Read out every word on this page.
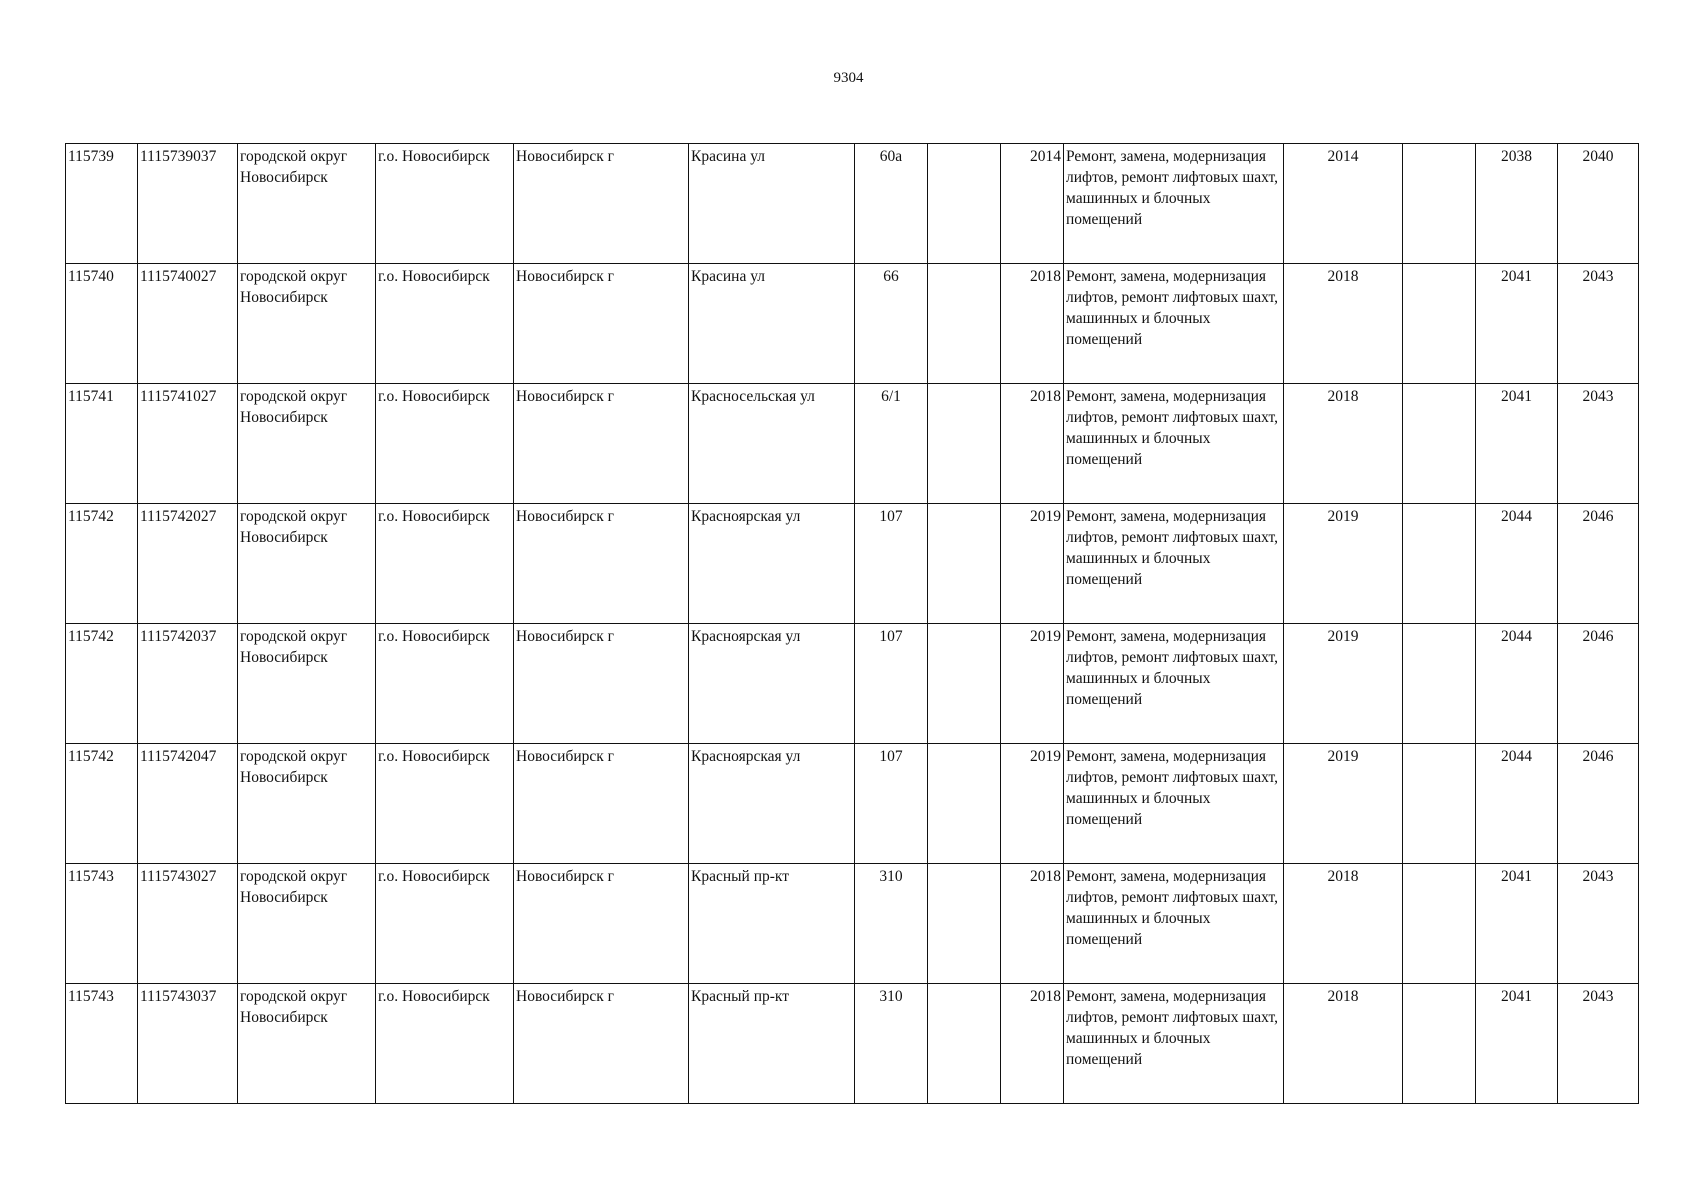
9304
115739	1115739037	городской округ Новосибирск	г.о. Новосибирск	Новосибирск г	Красина ул	60а		2014	Ремонт, замена, модернизация лифтов, ремонт лифтовых шахт, машинных и блочных помещений	2014		2038	2040
115740	1115740027	городской округ Новосибирск	г.о. Новосибирск	Новосибирск г	Красина ул	66		2018	Ремонт, замена, модернизация лифтов, ремонт лифтовых шахт, машинных и блочных помещений	2018		2041	2043
115741	1115741027	городской округ Новосибирск	г.о. Новосибирск	Новосибирск г	Красносельская ул	6/1		2018	Ремонт, замена, модернизация лифтов, ремонт лифтовых шахт, машинных и блочных помещений	2018		2041	2043
115742	1115742027	городской округ Новосибирск	г.о. Новосибирск	Новосибирск г	Красноярская ул	107		2019	Ремонт, замена, модернизация лифтов, ремонт лифтовых шахт, машинных и блочных помещений	2019		2044	2046
115742	1115742037	городской округ Новосибирск	г.о. Новосибирск	Новосибирск г	Красноярская ул	107		2019	Ремонт, замена, модернизация лифтов, ремонт лифтовых шахт, машинных и блочных помещений	2019		2044	2046
115742	1115742047	городской округ Новосибирск	г.о. Новосибирск	Новосибирск г	Красноярская ул	107		2019	Ремонт, замена, модернизация лифтов, ремонт лифтовых шахт, машинных и блочных помещений	2019		2044	2046
115743	1115743027	городской округ Новосибирск	г.о. Новосибирск	Новосибирск г	Красный пр-кт	310		2018	Ремонт, замена, модернизация лифтов, ремонт лифтовых шахт, машинных и блочных помещений	2018		2041	2043
115743	1115743037	городской округ Новосибирск	г.о. Новосибирск	Новосибирск г	Красный пр-кт	310		2018	Ремонт, замена, модернизация лифтов, ремонт лифтовых шахт, машинных и блочных помещений	2018		2041	2043
